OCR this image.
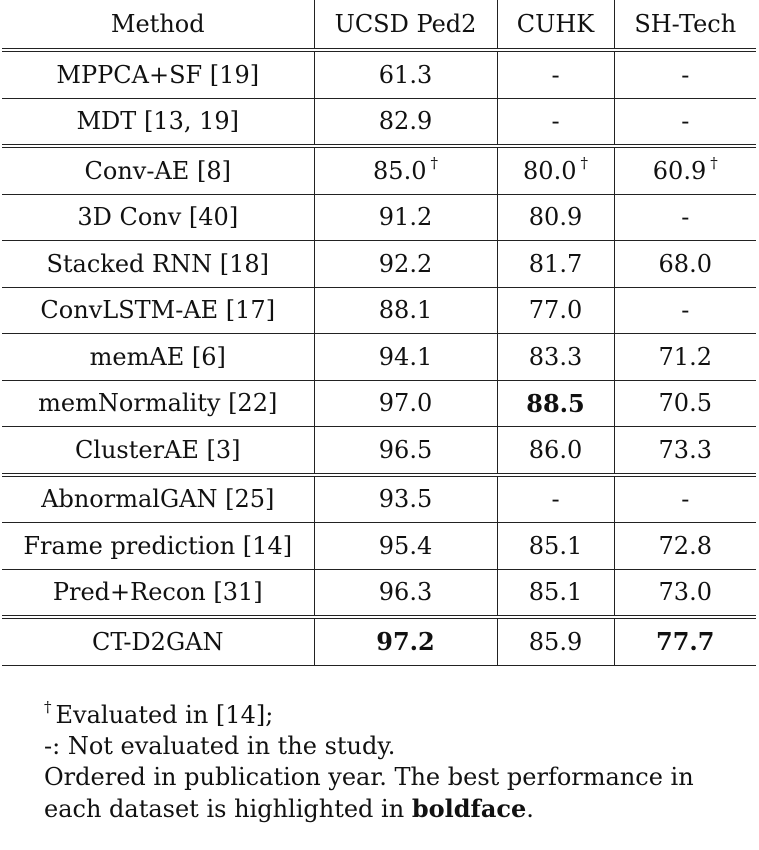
Method	UCSD Ped2	CUHK	SH-Tech
MPPCA+SF [19]	61.3	-	-
MDT [13, 19]	82.9	-	-
Conv-AE [8]	85.0 †	80.0 †	60.9 †
3D Conv [40]	91.2	80.9	-
Stacked RNN [18]	92.2	81.7	68.0
ConvLSTM-AE [17]	88.1	77.0	-
memAE [6]	94.1	83.3	71.2
memNormality [22]	97.0	88.5	70.5
ClusterAE [3]	96.5	86.0	73.3
AbnormalGAN [25]	93.5	-	-
Frame prediction [14]	95.4	85.1	72.8
Pred+Recon [31]	96.3	85.1	73.0
CT-D2GAN	97.2	85.9	77.7
† Evaluated in [14];
-: Not evaluated in the study.
Ordered in publication year. The best performance in
each dataset is highlighted in boldface.
